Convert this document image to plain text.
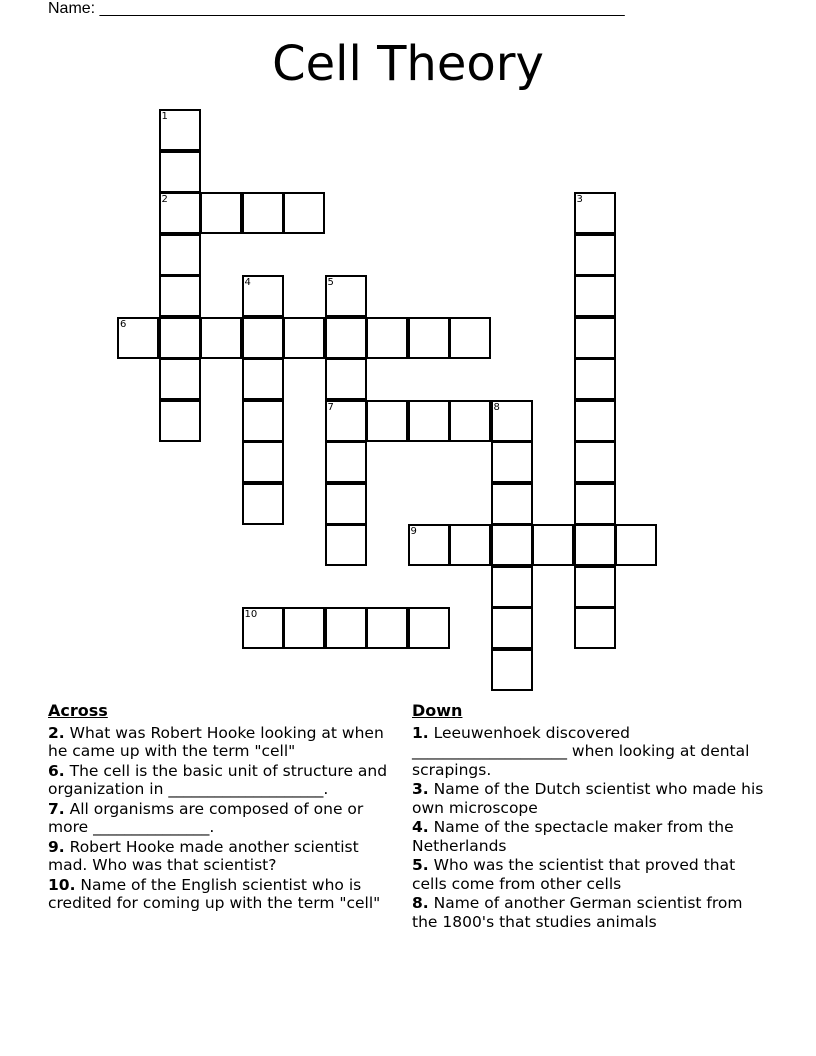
Name: ___________________________________________________________
Cell Theory
1
2	3
4	5
7
6
8
9
10
Across
2. What was Robert Hooke looking at when he came up with the term "cell"
6. The cell is the basic unit of structure and organization in ____________________.
7. All organisms are composed of one or more _______________.
9. Robert Hooke made another scientist mad. Who was that scientist?
10. Name of the English scientist who is credited for coming up with the term "cell"
Down
1. Leeuwenhoek discovered ____________________ when looking at dental scrapings.
3. Name of the Dutch scientist who made his own microscope
4. Name of the spectacle maker from the Netherlands
5. Who was the scientist that proved that cells come from other cells
8. Name of another German scientist from the 1800's that studies animals
